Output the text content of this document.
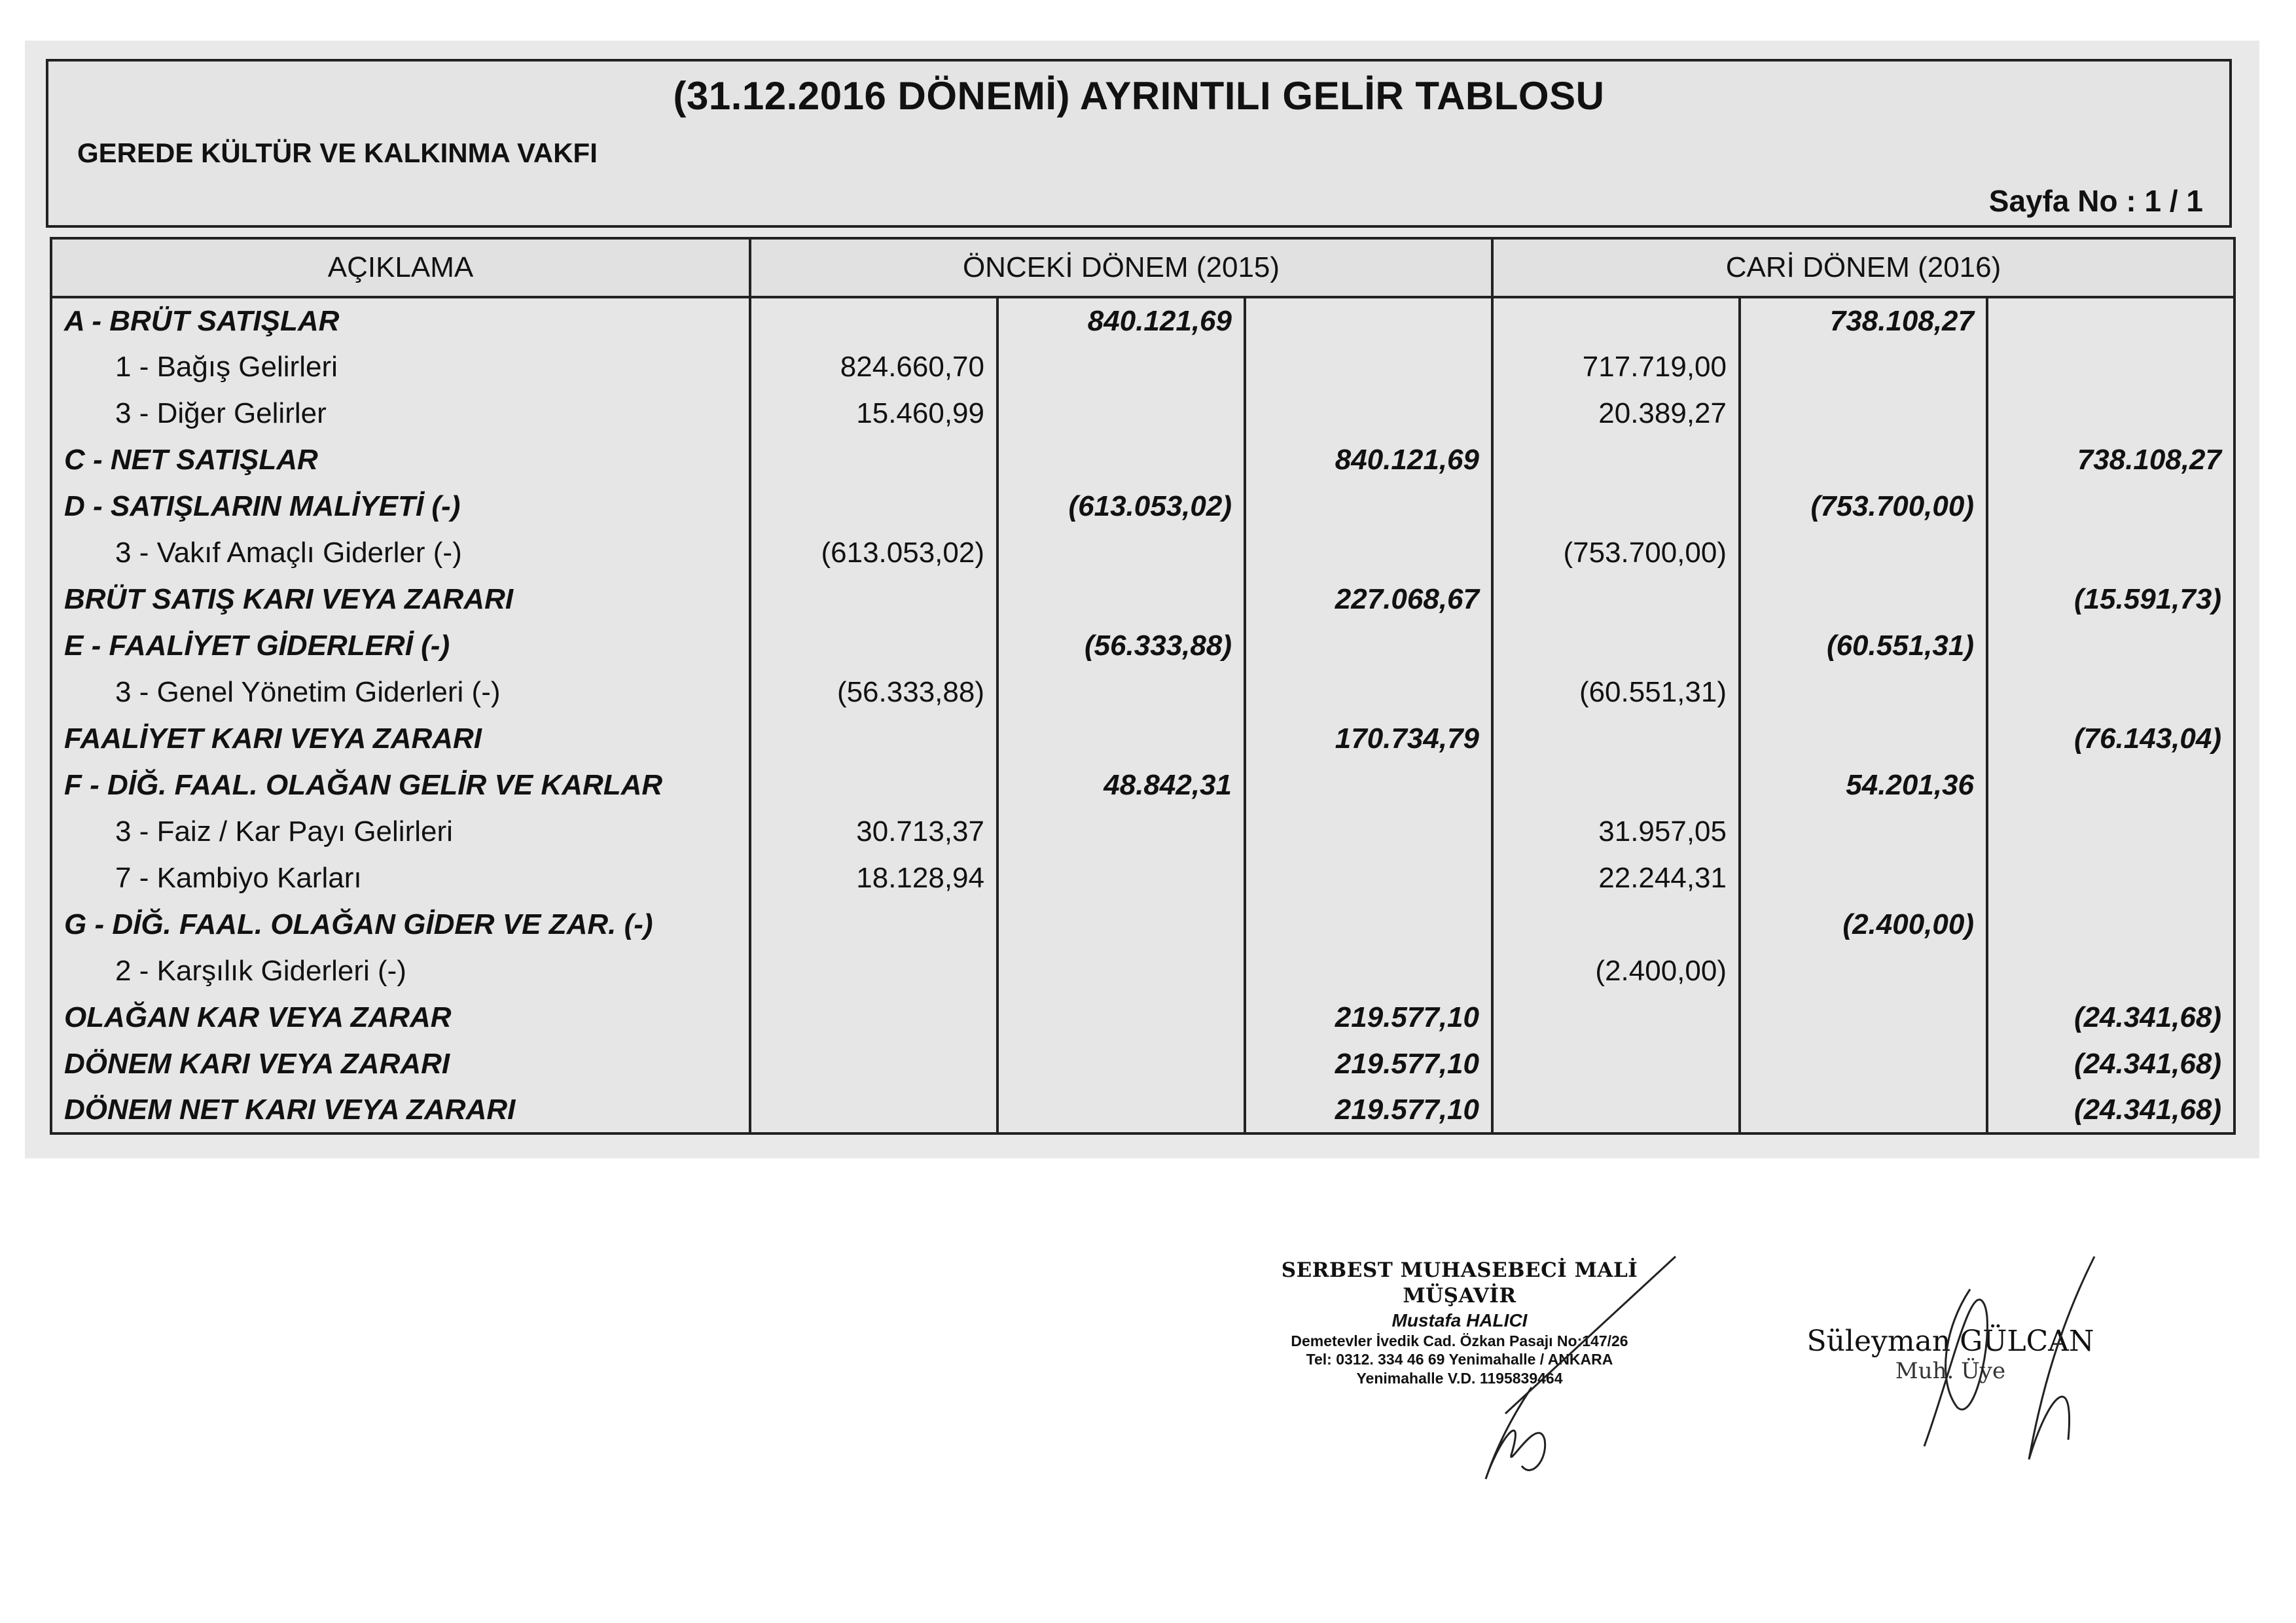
(31.12.2016 DÖNEMİ) AYRINTILI GELİR TABLOSU
GEREDE KÜLTÜR VE KALKINMA VAKFI
Sayfa No : 1 / 1
AÇIKLAMA	ÖNCEKİ DÖNEM (2015)			CARİ DÖNEM (2016)		
A - BRÜT SATIŞLAR		840.121,69			738.108,27	
1 - Bağış Gelirleri	824.660,70			717.719,00		
3 - Diğer Gelirler	15.460,99			20.389,27		
C - NET SATIŞLAR			840.121,69			738.108,27
D - SATIŞLARIN MALİYETİ (-)		(613.053,02)			(753.700,00)	
3 - Vakıf Amaçlı Giderler (-)	(613.053,02)			(753.700,00)		
BRÜT SATIŞ KARI VEYA ZARARI			227.068,67			(15.591,73)
E - FAALİYET GİDERLERİ (-)		(56.333,88)			(60.551,31)	
3 - Genel Yönetim Giderleri (-)	(56.333,88)			(60.551,31)		
FAALİYET KARI VEYA ZARARI			170.734,79			(76.143,04)
F - DİĞ. FAAL. OLAĞAN GELİR VE KARLAR		48.842,31			54.201,36	
3 - Faiz / Kar Payı Gelirleri	30.713,37			31.957,05		
7 - Kambiyo Karları	18.128,94			22.244,31		
G - DİĞ. FAAL. OLAĞAN GİDER VE ZAR. (-)					(2.400,00)	
2 - Karşılık Giderleri (-)				(2.400,00)		
OLAĞAN KAR VEYA ZARAR			219.577,10			(24.341,68)
DÖNEM KARI VEYA ZARARI			219.577,10			(24.341,68)
DÖNEM NET KARI VEYA ZARARI			219.577,10			(24.341,68)
SERBEST MUHASEBECİ MALİ MÜŞAVİR
Mustafa HALICI
Demetevler İvedik Cad. Özkan Pasajı No:147/26
Tel: 0312. 334 46 69 Yenimahalle / ANKARA
Yenimahalle V.D. 1195839464
Süleyman GÜLCAN
Muh. Üye
